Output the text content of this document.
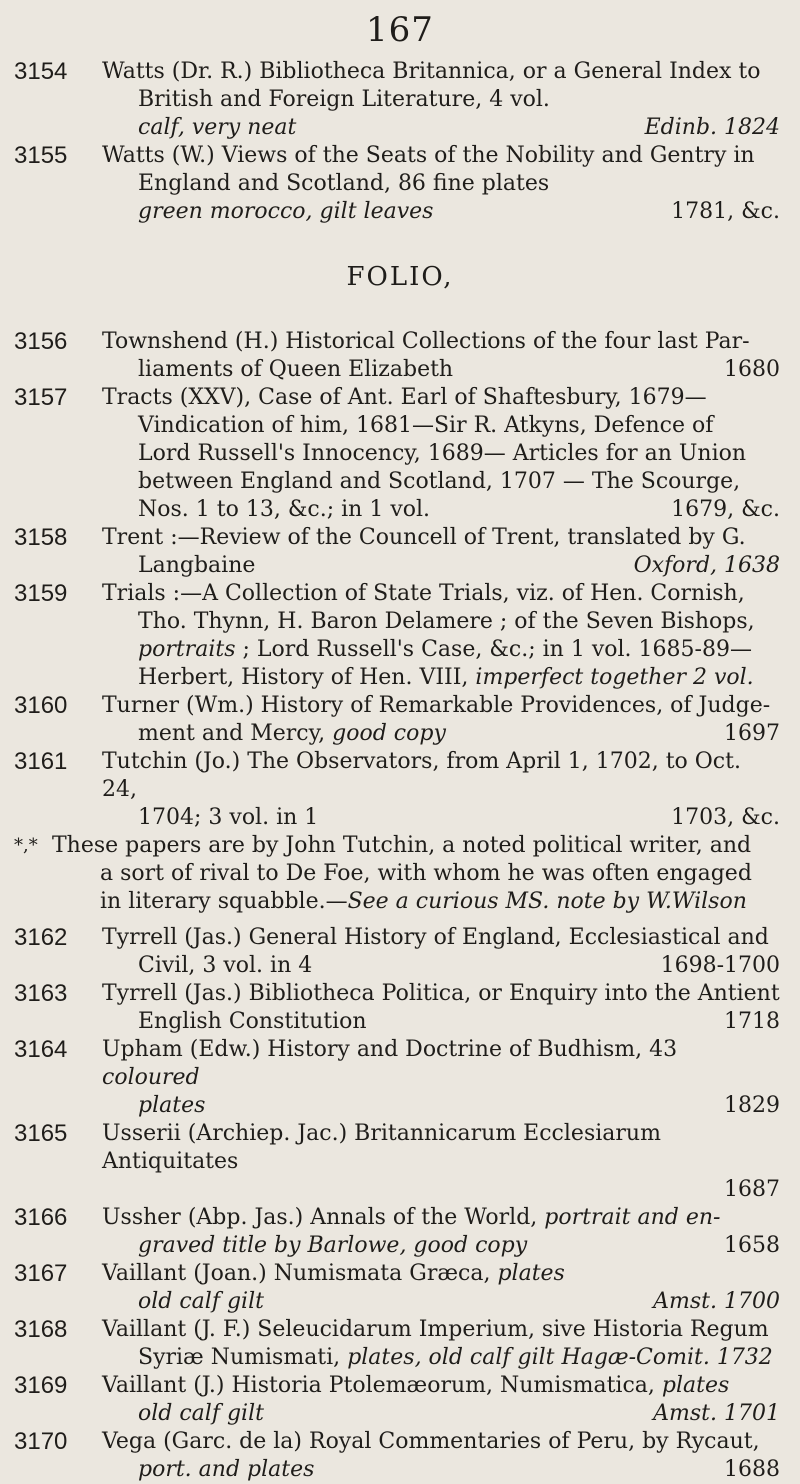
167
3154 Watts (Dr. R.) Bibliotheca Britannica, or a General Index to
British and Foreign Literature, 4 vol.
calf, very neat	Edinb. 1824
3155 Watts (W.) Views of the Seats of the Nobility and Gentry in
England and Scotland, 86 fine plates
green morocco, gilt leaves	1781, &c.
FOLIO,
3156 Townshend (H.) Historical Collections of the four last Par-
liaments of Queen Elizabeth	1680
3157 Tracts (XXV), Case of Ant. Earl of Shaftesbury, 1679—
Vindication of him, 1681—Sir R. Atkyns, Defence of
Lord Russell's Innocency, 1689— Articles for an Union
between England and Scotland, 1707 — The Scourge,
Nos. 1 to 13, &c.; in 1 vol.	1679, &c.
3158 Trent :—Review of the Councell of Trent, translated by G.
Langbaine	Oxford, 1638
3159 Trials :—A Collection of State Trials, viz. of Hen. Cornish,
Tho. Thynn, H. Baron Delamere ; of the Seven Bishops,
portraits ; Lord Russell's Case, &c.; in 1 vol. 1685-89—
Herbert, History of Hen. VIII, imperfect together 2 vol.
3160 Turner (Wm.) History of Remarkable Providences, of Judge-
ment and Mercy, good copy	1697
3161 Tutchin (Jo.) The Observators, from April 1, 1702, to Oct. 24,
1704; 3 vol. in 1	1703, &c.
*,* These papers are by John Tutchin, a noted political writer, and
a sort of rival to De Foe, with whom he was often engaged
in literary squabble.—See a curious MS. note by W.Wilson
3162 Tyrrell (Jas.) General History of England, Ecclesiastical and
Civil, 3 vol. in 4	1698-1700
3163 Tyrrell (Jas.) Bibliotheca Politica, or Enquiry into the Antient
English Constitution	1718
3164 Upham (Edw.) History and Doctrine of Budhism, 43 coloured
plates	1829
3165 Usserii (Archiep. Jac.) Britannicarum Ecclesiarum Antiquitates
1687
3166 Ussher (Abp. Jas.) Annals of the World, portrait and en-
graved title by Barlowe, good copy	1658
3167 Vaillant (Joan.) Numismata Græca, plates
old calf gilt	Amst. 1700
3168 Vaillant (J. F.) Seleucidarum Imperium, sive Historia Regum
Syriæ Numismati, plates, old calf gilt Hagæ-Comit. 1732
3169 Vaillant (J.) Historia Ptolemæorum, Numismatica, plates
old calf gilt	Amst. 1701
3170 Vega (Garc. de la) Royal Commentaries of Peru, by Rycaut,
port. and plates	1688
